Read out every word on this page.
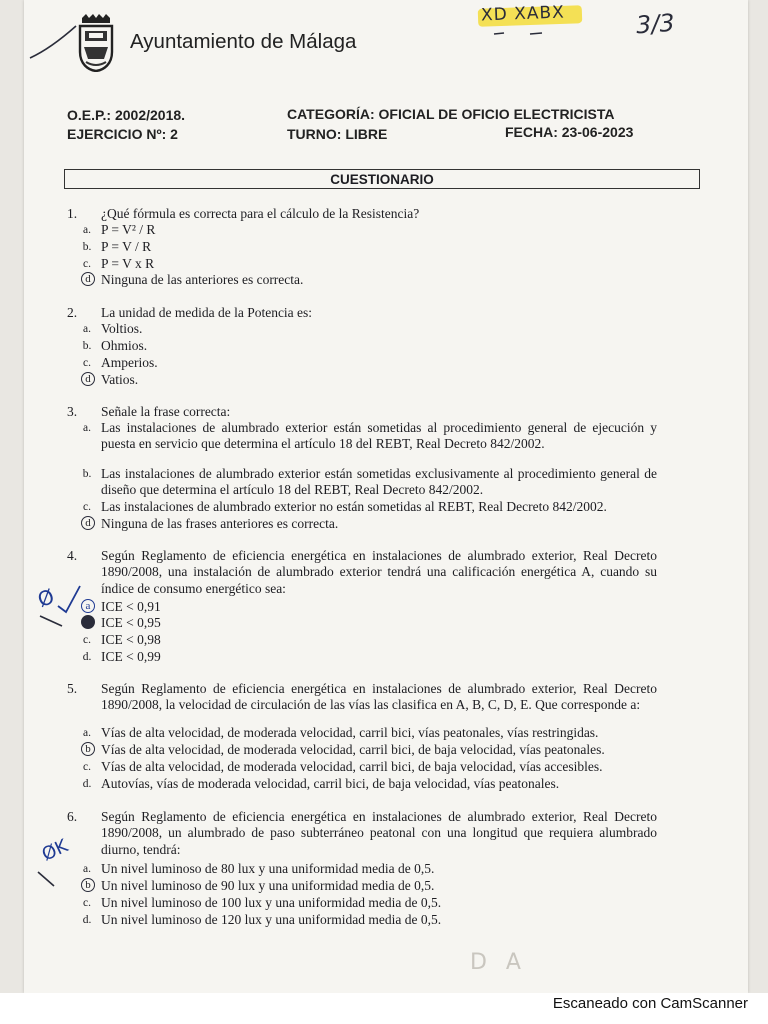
Ayuntamiento de Málaga
XD XABX	3/3
O.E.P.: 2002/2018.
EJERCICIO Nº: 2
CATEGORÍA: OFICIAL DE OFICIO ELECTRICISTA
TURNO: LIBRE	FECHA: 23-06-2023
CUESTIONARIO
1. ¿Qué fórmula es correcta para el cálculo de la Resistencia?
a. P = V² / R
b. P = V / R
c. P = V x R
d Ninguna de las anteriores es correcta.
2. La unidad de medida de la Potencia es:
a. Voltios.
b. Ohmios.
c. Amperios.
d Vatios.
3. Señale la frase correcta:
a. Las instalaciones de alumbrado exterior están sometidas al procedimiento general de ejecución y puesta en servicio que determina el artículo 18 del REBT, Real Decreto 842/2002.
b. Las instalaciones de alumbrado exterior están sometidas exclusivamente al procedimiento general de diseño que determina el artículo 18 del REBT, Real Decreto 842/2002.
c. Las instalaciones de alumbrado exterior no están sometidas al REBT, Real Decreto 842/2002.
d Ninguna de las frases anteriores es correcta.
4. Según Reglamento de eficiencia energética en instalaciones de alumbrado exterior, Real Decreto 1890/2008, una instalación de alumbrado exterior tendrá una calificación energética A, cuando su índice de consumo energético sea:
a ICE < 0,91
b ICE < 0,95
c. ICE < 0,98
d. ICE < 0,99
Ø
5. Según Reglamento de eficiencia energética en instalaciones de alumbrado exterior, Real Decreto 1890/2008, la velocidad de circulación de las vías las clasifica en A, B, C, D, E. Que corresponde a:
a. Vías de alta velocidad, de moderada velocidad, carril bici, vías peatonales, vías restringidas.
b Vías de alta velocidad, de moderada velocidad, carril bici, de baja velocidad, vías peatonales.
c. Vías de alta velocidad, de moderada velocidad, carril bici, de baja velocidad, vías accesibles.
d. Autovías, vías de moderada velocidad, carril bici, de baja velocidad, vías peatonales.
6. Según Reglamento de eficiencia energética en instalaciones de alumbrado exterior, Real Decreto 1890/2008, un alumbrado de paso subterráneo peatonal con una longitud que requiera alumbrado diurno, tendrá:
a. Un nivel luminoso de 80 lux y una uniformidad media de 0,5.
b Un nivel luminoso de 90 lux y una uniformidad media de 0,5.
c. Un nivel luminoso de 100 lux y una uniformidad media de 0,5.
d. Un nivel luminoso de 120 lux y una uniformidad media de 0,5.
ØK
D A
Escaneado con CamScanner
